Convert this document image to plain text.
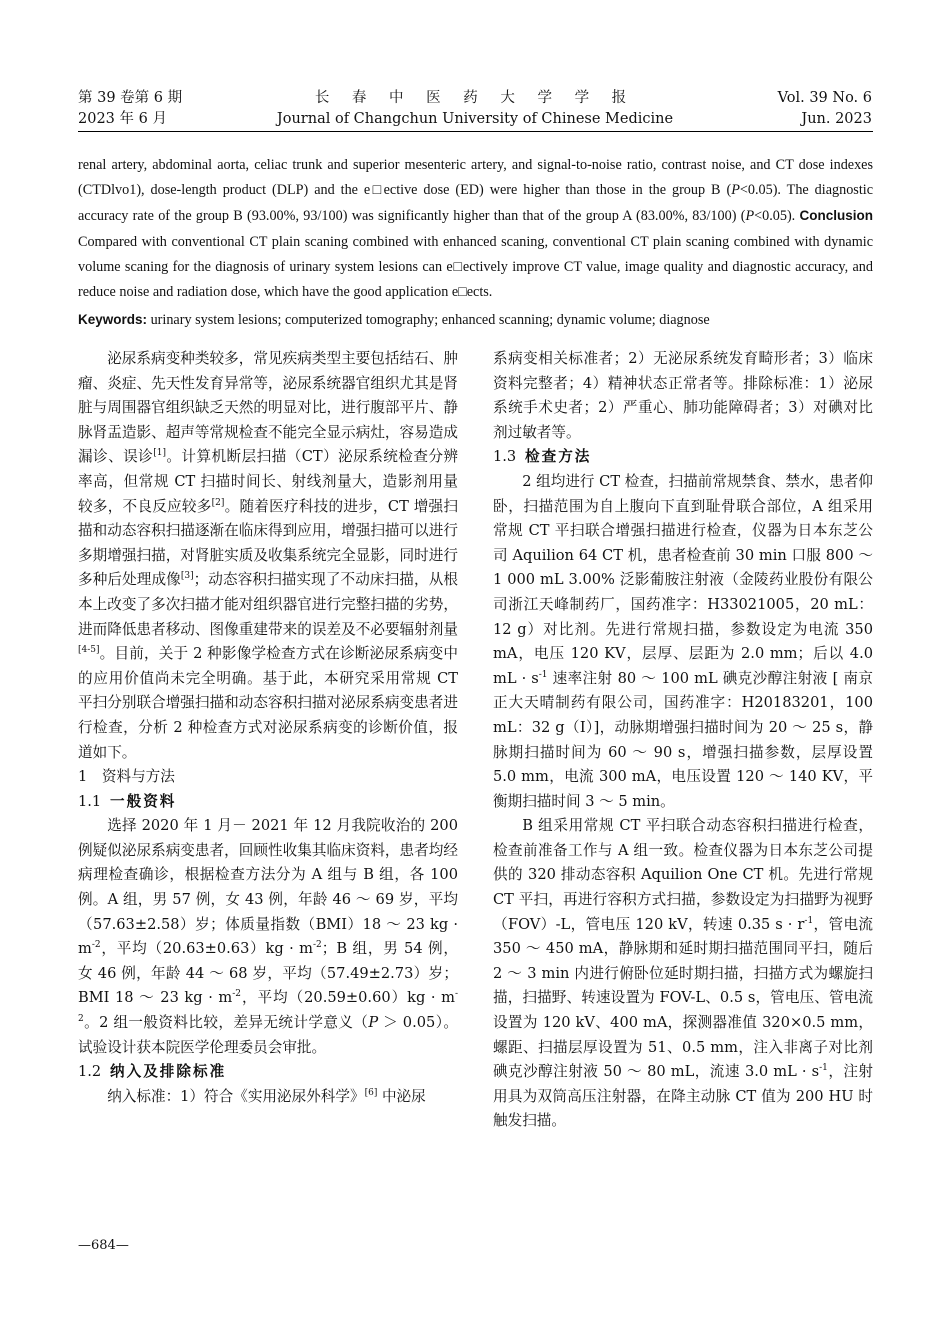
第 39 卷第 6 期
2023 年 6 月
长 春 中 医 药 大 学 学 报
Journal of Changchun University of Chinese Medicine
Vol. 39 No. 6
Jun. 2023
renal artery, abdominal aorta, celiac trunk and superior mesenteric artery, and signal-to-noise ratio, contrast noise, and CT dose indexes (CTDlvo1), dose-length product (DLP) and the e□ective dose (ED) were higher than those in the group B (P<0.05). The diagnostic accuracy rate of the group B (93.00%, 93/100) was significantly higher than that of the group A (83.00%, 83/100) (P<0.05). Conclusion Compared with conventional CT plain scaning combined with enhanced scaning, conventional CT plain scaning combined with dynamic volume scaning for the diagnosis of urinary system lesions can e□ectively improve CT value, image quality and diagnostic accuracy, and reduce noise and radiation dose, which have the good application e□ects.
Keywords: urinary system lesions; computerized tomography; enhanced scanning; dynamic volume; diagnose

泌尿系病变种类较多，常见疾病类型主要包括结石、肿瘤、炎症、先天性发育异常等，泌尿系统器官组织尤其是肾脏与周围器官组织缺乏天然的明显对比，进行腹部平片、静脉肾盂造影、超声等常规检查不能完全显示病灶，容易造成漏诊、误诊[1]。计算机断层扫描（CT）泌尿系统检查分辨率高，但常规 CT 扫描时间长、射线剂量大，造影剂用量较多，不良反应较多[2]。随着医疗科技的进步，CT 增强扫描和动态容积扫描逐渐在临床得到应用，增强扫描可以进行多期增强扫描，对肾脏实质及收集系统完全显影，同时进行多种后处理成像[3]；动态容积扫描实现了不动床扫描，从根本上改变了多次扫描才能对组织器官进行完整扫描的劣势，进而降低患者移动、图像重建带来的误差及不必要辐射剂量[4-5]。目前，关于 2 种影像学检查方式在诊断泌尿系病变中的应用价值尚未完全明确。基于此，本研究采用常规 CT 平扫分别联合增强扫描和动态容积扫描对泌尿系病变患者进行检查，分析 2 种检查方式对泌尿系病变的诊断价值，报道如下。

1　资料与方法

1.1 一般资料

选择 2020 年 1 月－ 2021 年 12 月我院收治的 200 例疑似泌尿系病变患者，回顾性收集其临床资料，患者均经病理检查确诊，根据检查方法分为 A 组与 B 组，各 100 例。A 组，男 57 例，女 43 例，年龄 46 ～ 69 岁，平均（57.63±2.58）岁；体质量指数（BMI）18 ～ 23 kg · $m^{-2}$，平均$(20.63\pm 0.63)kg \cdot m^{-2}$；B 组，男 54 例，女 46 例，年龄 44 ～ 68 岁，平均（57.49±2.73）岁；BMI 18 ～ 23 kg · $m^{-2}$，平均$(20.59\pm 0.60)kg \cdot m^{-2}$。2 组一般资料比较，差异无统计学意义（P ＞ 0.05）。试验设计获本院医学伦理委员会审批。

1.2 纳入及排除标准

纳入标准：1）符合《实用泌尿外科学》[6] 中泌尿

系病变相关标准者；2）无泌尿系统发育畸形者；3）临床资料完整者；4）精神状态正常者等。排除标准：1）泌尿系统手术史者；2）严重心、肺功能障碍者；3）对碘对比剂过敏者等。

1.3 检查方法

2 组均进行 CT 检查，扫描前常规禁食、禁水，患者仰卧，扫描范围为自上腹向下直到耻骨联合部位，A 组采用常规 CT 平扫联合增强扫描进行检查，仪器为日本东芝公司 Aquilion 64 CT 机，患者检查前 30 min 口服 800 ～ 1 000 mL 3.00% 泛影葡胺注射液（金陵药业股份有限公司浙江天峰制药厂，国药准字：H33021005，20 mL：12 g）对比剂。先进行常规扫描，参数设定为电流 350 mA，电压 120 KV，层厚、层距为 2.0 mm；后以 4.0 mL · $s^{-1}$ 速率注射 80 ～ 100 mL 碘克沙醇注射液 [ 南京正大天晴制药有限公司，国药准字：H20183201，100 mL：32 g（I）]，动脉期增强扫描时间为 20 ～ 25 s，静脉期扫描时间为 60 ～ 90 s，增强扫描参数，层厚设置 5.0 mm，电流 300 mA，电压设置 120 ～ 140 KV，平衡期扫描时间 3 ～ 5 min。

B 组采用常规 CT 平扫联合动态容积扫描进行检查，检查前准备工作与 A 组一致。检查仪器为日本东芝公司提供的 320 排动态容积 Aquilion One CT 机。先进行常规 CT 平扫，再进行容积方式扫描，参数设定为扫描野为视野（FOV）-L，管电压 120 kV，转速 0.35 $s \cdot r^{-1}$，管电流 350 ～ 450 mA，静脉期和延时期扫描范围同平扫，随后 2 ～ 3 min 内进行俯卧位延时期扫描，扫描方式为螺旋扫描，扫描野、转速设置为 FOV-L、0.5 s，管电压、管电流设置为 120 kV、400 mA，探测器准值 320×0.5 mm，螺距、扫描层厚设置为 51、0.5 mm，注入非离子对比剂碘克沙醇注射液 50 ～ 80 mL，流速 3.0 mL · $s^{-1}$，注射用具为双筒高压注射器，在降主动脉 CT 值为 200 HU 时触发扫描。

—684—
